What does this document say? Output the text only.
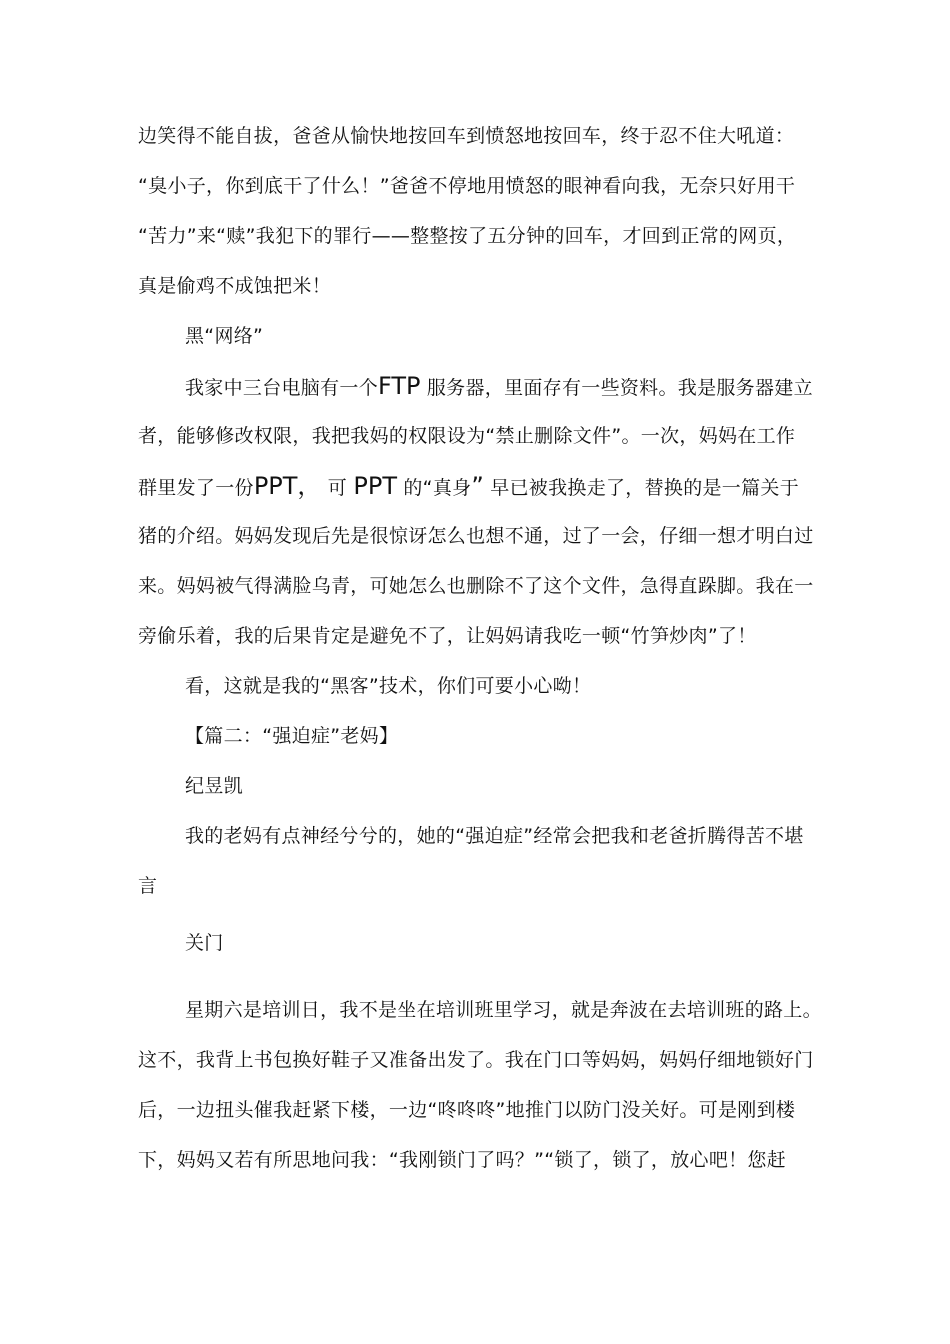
边笑得不能自拔，爸爸从愉快地按回车到愤怒地按回车，终于忍不住大吼道：
“臭小子，你到底干了什么！”爸爸不停地用愤怒的眼神看向我，无奈只好用干
“苦力”来“赎”我犯下的罪行——整整按了五分钟的回车，才回到正常的网页，
真是偷鸡不成蚀把米！
黑“网络”
我家中三台电脑有一个FTP 服务器，里面存有一些资料。我是服务器建立
者，能够修改权限，我把我妈的权限设为“禁止删除文件”。一次，妈妈在工作
群里发了一份PPT， 可 PPT 的“真身” 早已被我换走了，替换的是一篇关于
猪的介绍。妈妈发现后先是很惊讶怎么也想不通，过了一会，仔细一想才明白过
来。妈妈被气得满脸乌青，可她怎么也删除不了这个文件，急得直跺脚。我在一
旁偷乐着，我的后果肯定是避免不了，让妈妈请我吃一顿“竹笋炒肉”了！
看，这就是我的“黑客”技术，你们可要小心呦！
【篇二：“强迫症”老妈】
纪昱凯
我的老妈有点神经兮兮的，她的“强迫症”经常会把我和老爸折腾得苦不堪
言
关门
星期六是培训日，我不是坐在培训班里学习，就是奔波在去培训班的路上。
这不，我背上书包换好鞋子又准备出发了。我在门口等妈妈，妈妈仔细地锁好门
后，一边扭头催我赶紧下楼，一边“咚咚咚”地推门以防门没关好。可是刚到楼
下，妈妈又若有所思地问我：“我刚锁门了吗？”“锁了，锁了，放心吧！您赶
